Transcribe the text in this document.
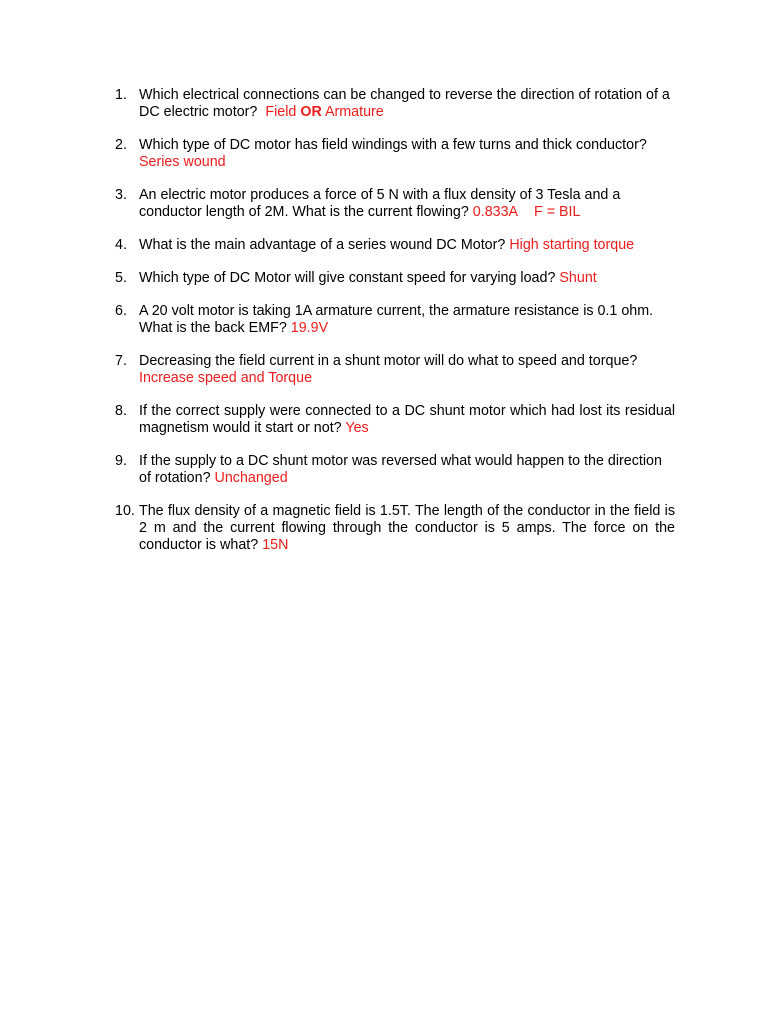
1. Which electrical connections can be changed to reverse the direction of rotation of a DC electric motor? Field OR Armature
2. Which type of DC motor has field windings with a few turns and thick conductor? Series wound
3. An electric motor produces a force of 5 N with a flux density of 3 Tesla and a conductor length of 2M. What is the current flowing? 0.833A F = BIL
4. What is the main advantage of a series wound DC Motor? High starting torque
5. Which type of DC Motor will give constant speed for varying load? Shunt
6. A 20 volt motor is taking 1A armature current, the armature resistance is 0.1 ohm. What is the back EMF? 19.9V
7. Decreasing the field current in a shunt motor will do what to speed and torque? Increase speed and Torque
8. If the correct supply were connected to a DC shunt motor which had lost its residual magnetism would it start or not? Yes
9. If the supply to a DC shunt motor was reversed what would happen to the direction of rotation? Unchanged
10. The flux density of a magnetic field is 1.5T. The length of the conductor in the field is 2 m and the current flowing through the conductor is 5 amps. The force on the conductor is what? 15N
